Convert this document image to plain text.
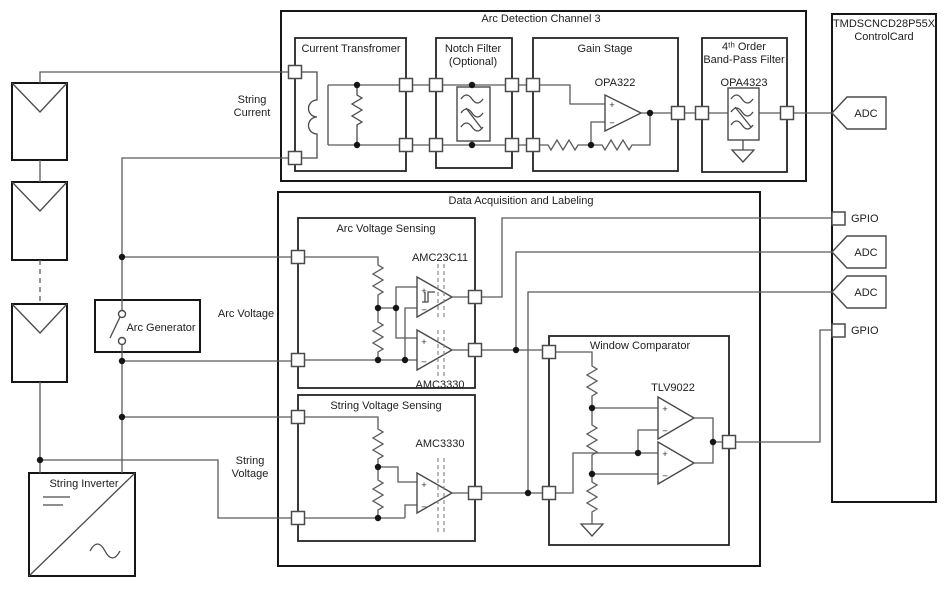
Arc Detection Channel 3
Current Transfromer	Notch Filter
(Optional)
Gain Stage
OPA322
4ᵗʰ Order
Band-Pass Filter
OPA4323
TMDSCNCD28P55X
ControlCard
ADC
GPIO
ADC
ADC
GPIO
Data Acquisition and Labeling
Arc Voltage Sensing
AMC23C11
AMC3330
String Voltage Sensing
AMC3330
Window Comparator
TLV9022
Arc Generator
String Inverter
String
Current
Arc Voltage
String
Voltage
+
−
+
−
+
−
+
−
+
−
+
−
